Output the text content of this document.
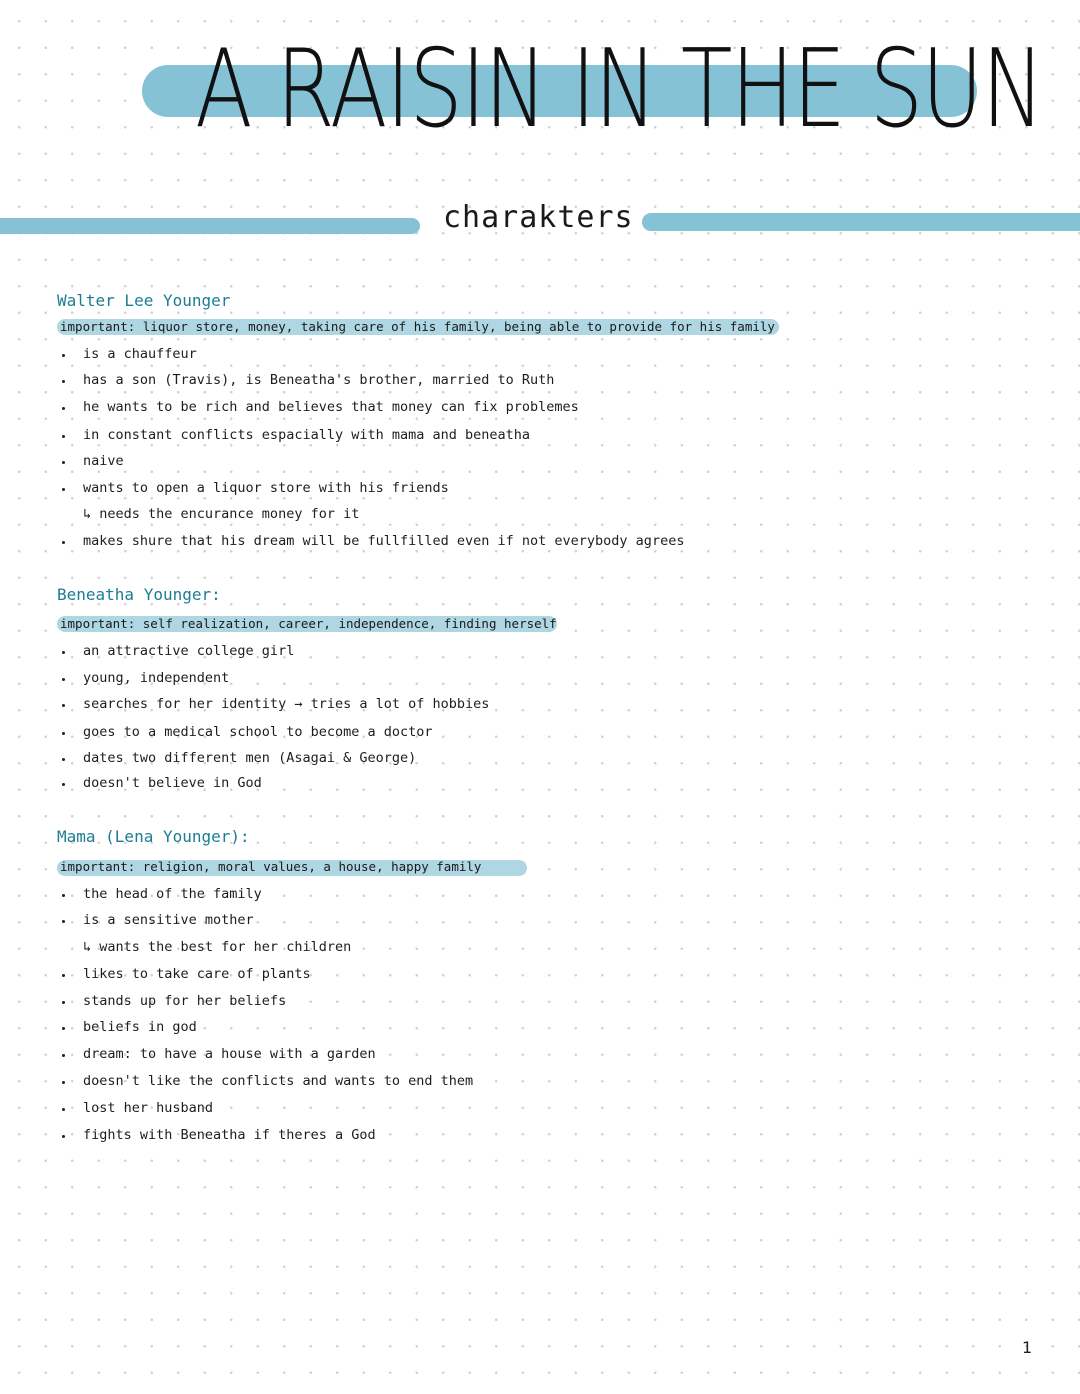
A RAISIN IN THE SUN
charakters
Walter Lee Younger
important: liquor store, money, taking care of his family, being able to provide for his family
is a chauffeur
has a son (Travis), is Beneatha's brother, married to Ruth
he wants to be rich and believes that money can fix problemes
in constant conflicts espacially with mama and beneatha
naive
wants to open a liquor store with his friends
↳ needs the encurance money for it
makes shure that his dream will be fullfilled even if not everybody agrees
Beneatha Younger:
important: self realization, career, independence, finding herself
an attractive college girl
young, independent
searches for her identity → tries a lot of hobbies
goes to a medical school to become a doctor
dates two different men (Asagai & George)
doesn't believe in God
Mama (Lena Younger):
important: religion, moral values, a house, happy family
the head of the family
is a sensitive mother
↳ wants the best for her children
likes to take care of plants
stands up for her beliefs
beliefs in god
dream: to have a house with a garden
doesn't like the conflicts and wants to end them
lost her husband
fights with Beneatha if theres a God
1
